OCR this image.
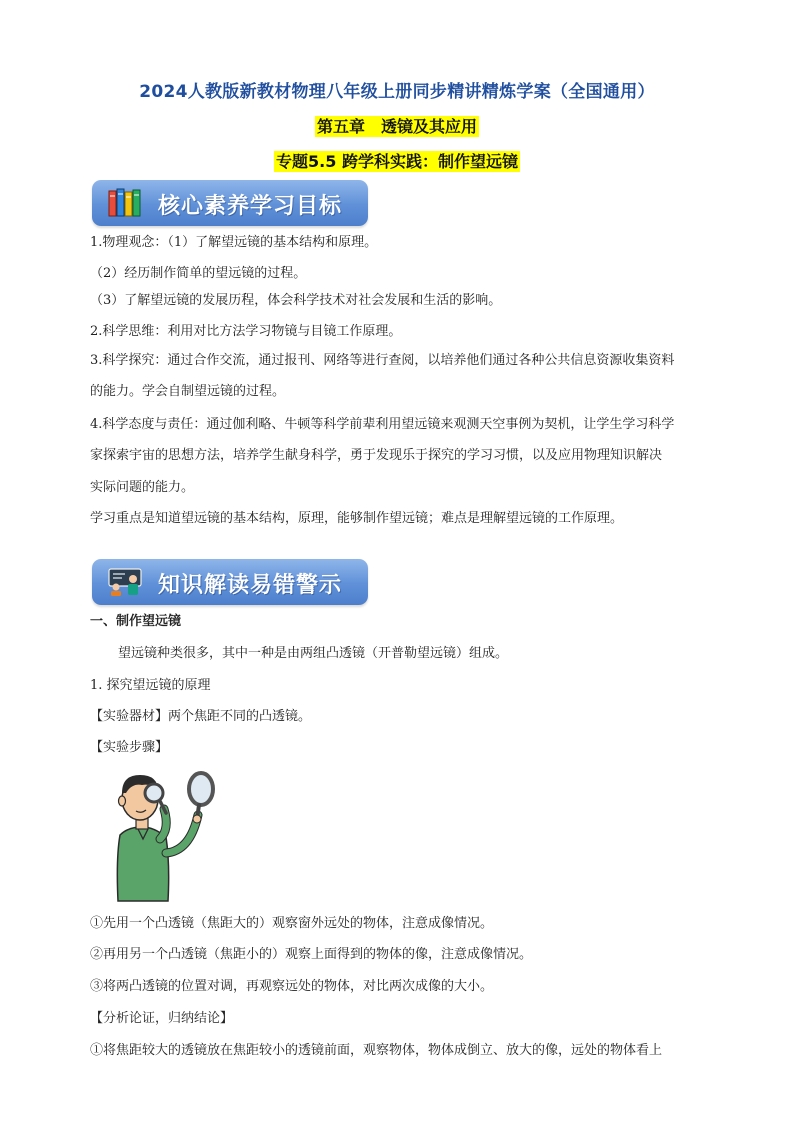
2024人教版新教材物理八年级上册同步精讲精炼学案（全国通用）
第五章　透镜及其应用
专题5.5 跨学科实践：制作望远镜
核心素养学习目标
1.物理观念：（1）了解望远镜的基本结构和原理。
（2）经历制作简单的望远镜的过程。
（3）了解望远镜的发展历程，体会科学技术对社会发展和生活的影响。
2.科学思维：利用对比方法学习物镜与目镜工作原理。
3.科学探究：通过合作交流，通过报刊、网络等进行查阅，以培养他们通过各种公共信息资源收集资料
的能力。学会自制望远镜的过程。
4.科学态度与责任：通过伽利略、牛顿等科学前辈利用望远镜来观测天空事例为契机，让学生学习科学
家探索宇宙的思想方法，培养学生献身科学，勇于发现乐于探究的学习习惯，以及应用物理知识解决
实际问题的能力。
学习重点是知道望远镜的基本结构，原理，能够制作望远镜；难点是理解望远镜的工作原理。
知识解读易错警示
一、制作望远镜
望远镜种类很多，其中一种是由两组凸透镜（开普勒望远镜）组成。
1. 探究望远镜的原理
【实验器材】两个焦距不同的凸透镜。
【实验步骤】
①先用一个凸透镜（焦距大的）观察窗外远处的物体，注意成像情况。
②再用另一个凸透镜（焦距小的）观察上面得到的物体的像，注意成像情况。
③将两凸透镜的位置对调，再观察远处的物体，对比两次成像的大小。
【分析论证，归纳结论】
①将焦距较大的透镜放在焦距较小的透镜前面，观察物体，物体成倒立、放大的像，远处的物体看上
